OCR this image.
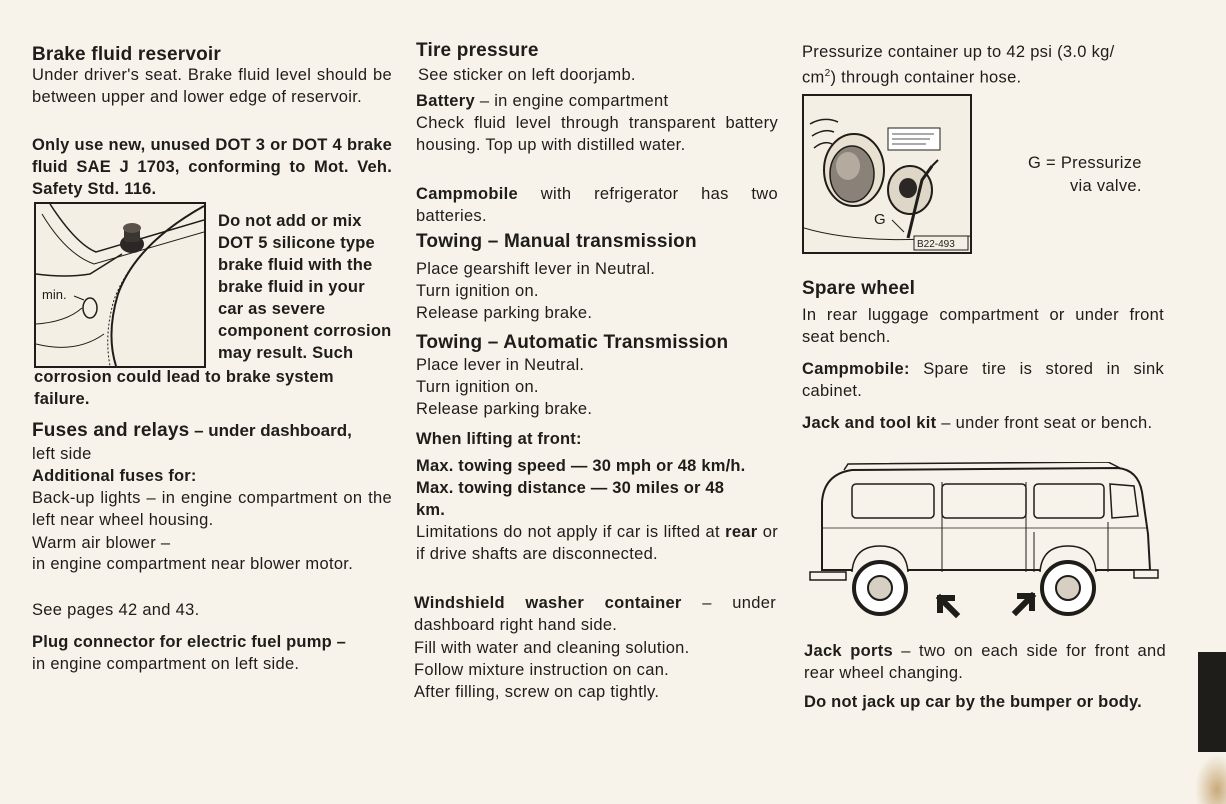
Brake fluid reservoir

Under driver's seat. Brake fluid level should be between upper and lower edge of reservoir.

Only use new, unused DOT 3 or DOT 4 brake fluid SAE J 1703, conforming to Mot. Veh. Safety Std. 116.

min.

Do not add or mix DOT 5 silicone type brake fluid with the brake fluid in your car as severe component corrosion may result. Such

corrosion could lead to brake system failure.

Fuses and relays – under dashboard,

left side

Additional fuses for:

Back-up lights – in engine compartment on the left near wheel housing.

Warm air blower –

in engine compartment near blower motor.

See pages 42 and 43.

Plug connector for electric fuel pump –

in engine compartment on left side.

Tire pressure

See sticker on left doorjamb.

Battery – in engine compartment

Check fluid level through transparent battery housing. Top up with distilled water.

Campmobile with refrigerator has two batteries.

Towing – Manual transmission

Place gearshift lever in Neutral.

Turn ignition on.

Release parking brake.

Towing – Automatic Transmission

Place lever in Neutral.

Turn ignition on.

Release parking brake.

When lifting at front:

Max. towing speed — 30 mph or 48 km/h.

Max. towing distance — 30 miles or 48 km.

Limitations do not apply if car is lifted at rear or if drive shafts are disconnected.

Windshield washer container – under dashboard right hand side.

Fill with water and cleaning solution.

Follow mixture instruction on can.

After filling, screw on cap tightly.

Pressurize container up to 42 psi (3.0 kg/

$cm^2$) through container hose.

G
B22-493

G = Pressurize

via valve.

Spare wheel

In rear luggage compartment or under front seat bench.

Campmobile: Spare tire is stored in sink cabinet.

Jack and tool kit – under front seat or bench.

Jack ports – two on each side for front and rear wheel changing.

Do not jack up car by the bumper or body.
